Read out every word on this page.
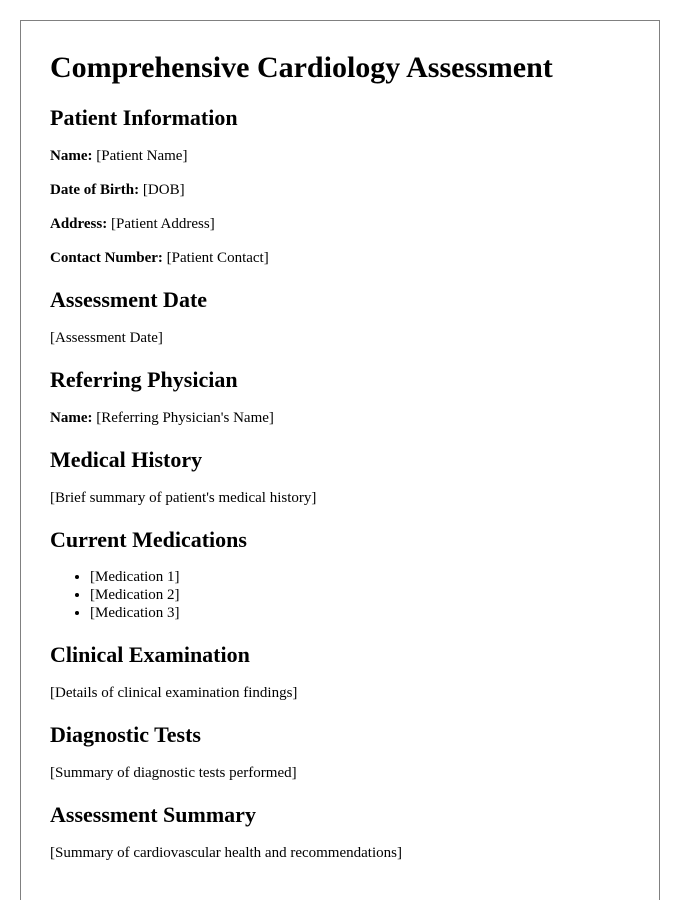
Comprehensive Cardiology Assessment
Patient Information

Name: [Patient Name]

Date of Birth: [DOB]

Address: [Patient Address]

Contact Number: [Patient Contact]

Assessment Date

[Assessment Date]

Referring Physician

Name: [Referring Physician's Name]

Medical History

[Brief summary of patient's medical history]

Current Medications
• [Medication 1]
• [Medication 2]
• [Medication 3]
Clinical Examination

[Details of clinical examination findings]

Diagnostic Tests

[Summary of diagnostic tests performed]

Assessment Summary

[Summary of cardiovascular health and recommendations]
